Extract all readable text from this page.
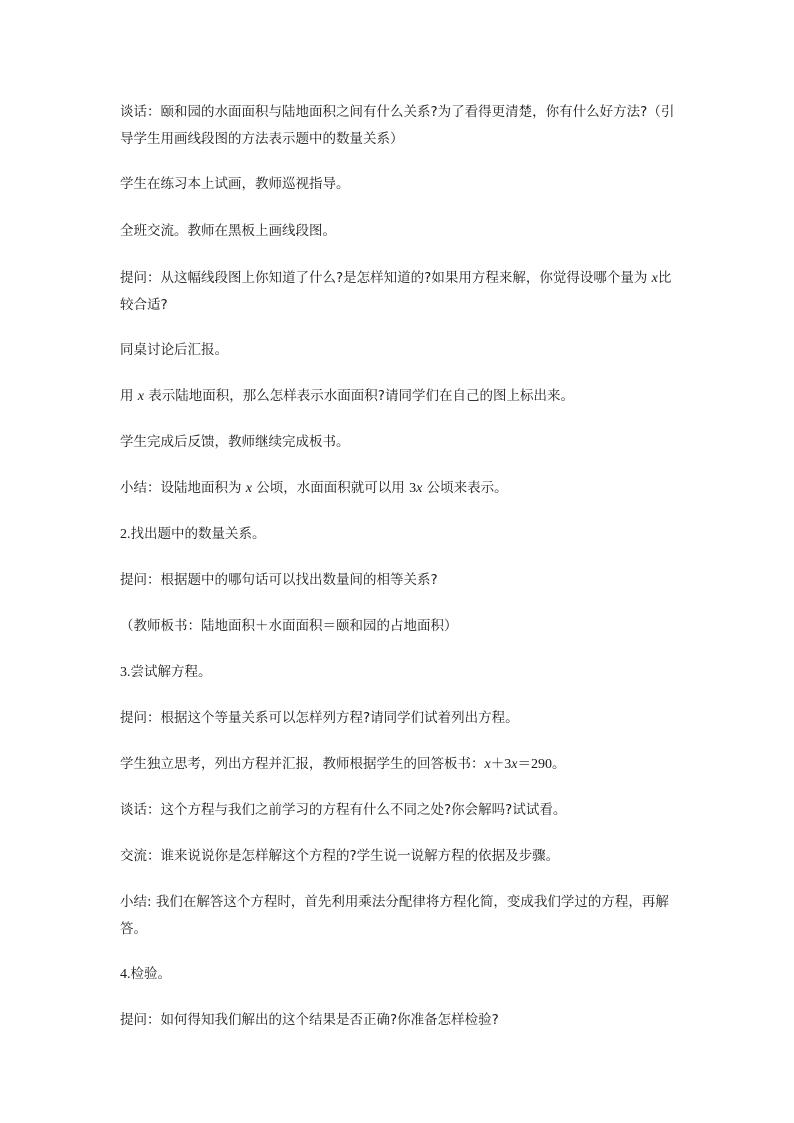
谈话：颐和园的水面面积与陆地面积之间有什么关系?为了看得更清楚，你有什么好方法?（引导学生用画线段图的方法表示题中的数量关系）

学生在练习本上试画，教师巡视指导。

全班交流。教师在黑板上画线段图。

提问：从这幅线段图上你知道了什么?是怎样知道的?如果用方程来解，你觉得设哪个量为 x比较合适?

同桌讨论后汇报。

用 x 表示陆地面积，那么怎样表示水面面积?请同学们在自己的图上标出来。

学生完成后反馈，教师继续完成板书。

小结：设陆地面积为 x 公顷，水面面积就可以用 3x 公顷来表示。

2.找出题中的数量关系。

提问：根据题中的哪句话可以找出数量间的相等关系?

（教师板书：陆地面积＋水面面积＝颐和园的占地面积）

3.尝试解方程。

提问：根据这个等量关系可以怎样列方程?请同学们试着列出方程。

学生独立思考，列出方程并汇报，教师根据学生的回答板书：x＋3x＝290。

谈话：这个方程与我们之前学习的方程有什么不同之处?你会解吗?试试看。

交流：谁来说说你是怎样解这个方程的?学生说一说解方程的依据及步骤。

小结: 我们在解答这个方程时，首先利用乘法分配律将方程化简，变成我们学过的方程，再解答。

4.检验。

提问：如何得知我们解出的这个结果是否正确?你准备怎样检验?
